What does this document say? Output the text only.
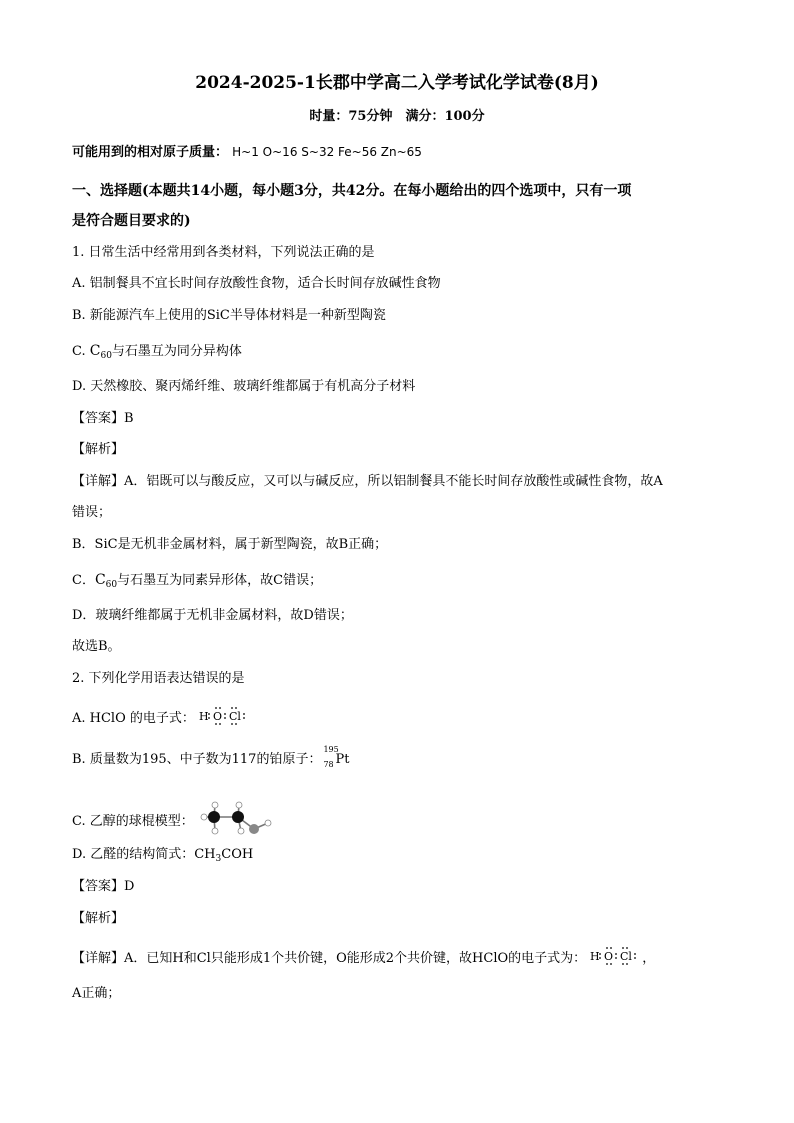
2024-2025-1长郡中学高二入学考试化学试卷(8月)
时量：75分钟　满分：100分
可能用到的相对原子质量： H~1 O~16 S~32 Fe~56 Zn~65
一、选择题(本题共14小题，每小题3分，共42分。在每小题给出的四个选项中，只有一项
是符合题目要求的)
1. 日常生活中经常用到各类材料，下列说法正确的是
A. 铝制餐具不宜长时间存放酸性食物，适合长时间存放碱性食物
B. 新能源汽车上使用的SiC半导体材料是一种新型陶瓷
C. $C_{60}$与石墨互为同分异构体
D. 天然橡胶、聚丙烯纤维、玻璃纤维都属于有机高分子材料
【答案】B
【解析】
【详解】A．铝既可以与酸反应，又可以与碱反应，所以铝制餐具不能长时间存放酸性或碱性食物，故A
错误；
B．SiC是无机非金属材料，属于新型陶瓷，故B正确；
C．$C_{60}$与石墨互为同素异形体，故C错误；
D．玻璃纤维都属于无机非金属材料，故D错误；
故选B。
2. 下列化学用语表达错误的是
A. HClO 的电子式： H O Cl
B. 质量数为195、中子数为117的铂原子：
195
78 Pt
C. 乙醇的球棍模型：
D. 乙醛的结构简式：$CH_3COH$
【答案】D
【解析】
【详解】A．已知H和Cl只能形成1个共价键，O能形成2个共价键，故HClO的电子式为： H O Cl ，
A正确；
